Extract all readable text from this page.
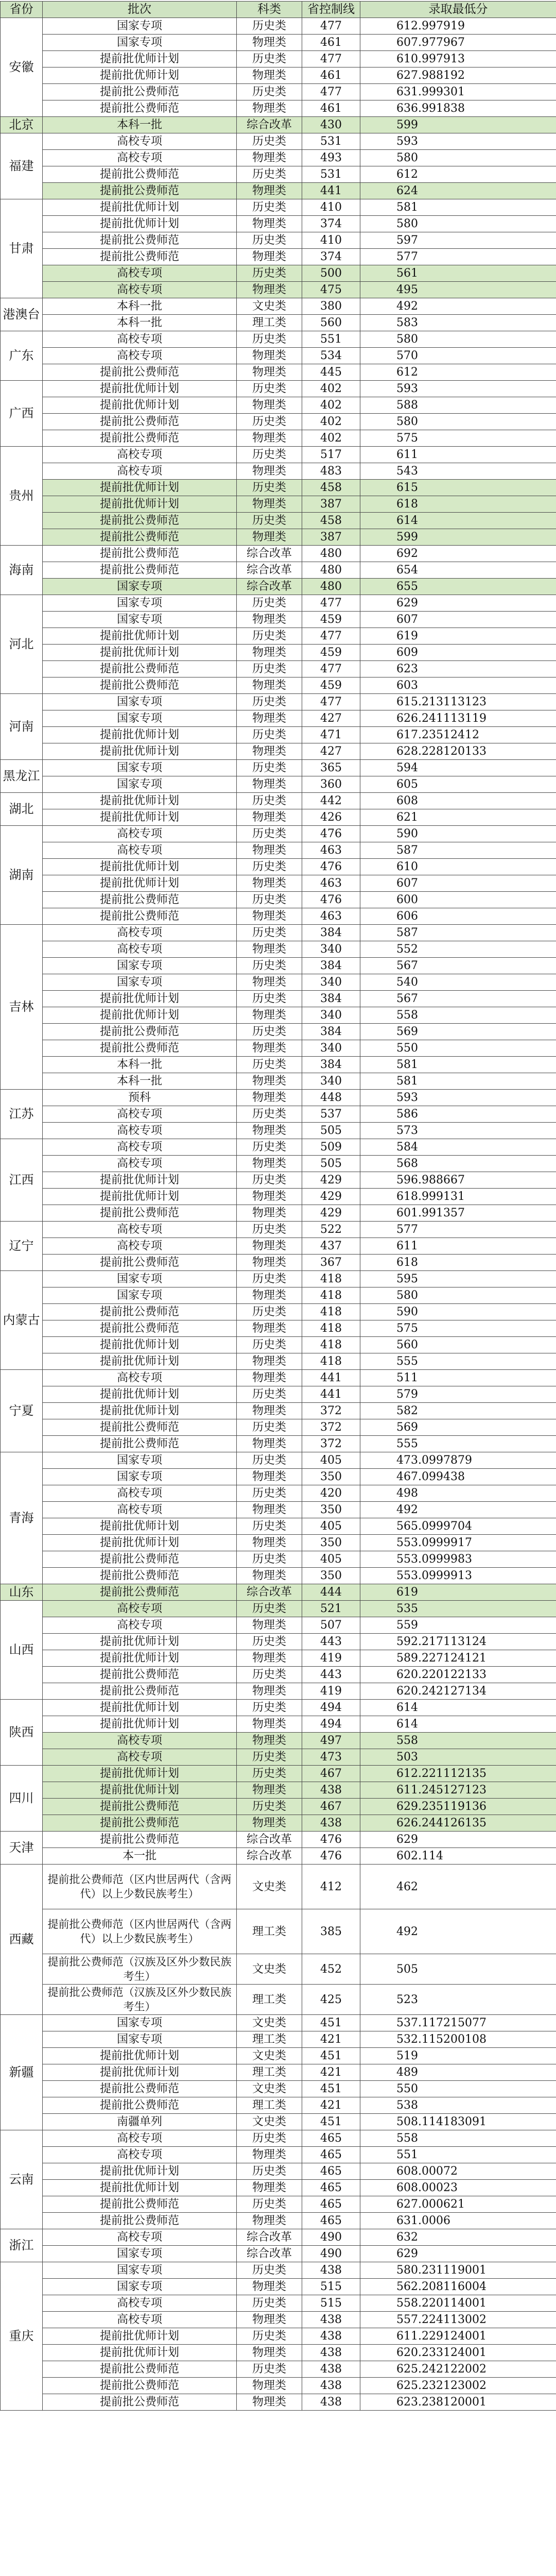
省份	批次	科类	省控制线	录取最低分
安徽	国家专项	历史类	477	612.997919
	国家专项	物理类	461	607.977967
	提前批优师计划	历史类	477	610.997913
	提前批优师计划	物理类	461	627.988192
	提前批公费师范	历史类	477	631.999301
	提前批公费师范	物理类	461	636.991838
北京	本科一批	综合改革	430	599
福建	高校专项	历史类	531	593
	高校专项	物理类	493	580
	提前批公费师范	历史类	531	612
	提前批公费师范	物理类	441	624
甘肃	提前批优师计划	历史类	410	581
	提前批优师计划	物理类	374	580
	提前批公费师范	历史类	410	597
	提前批公费师范	物理类	374	577
	高校专项	历史类	500	561
	高校专项	物理类	475	495
港澳台	本科一批	文史类	380	492
	本科一批	理工类	560	583
广东	高校专项	历史类	551	580
	高校专项	物理类	534	570
	提前批公费师范	物理类	445	612
广西	提前批优师计划	历史类	402	593
	提前批优师计划	物理类	402	588
	提前批公费师范	历史类	402	580
	提前批公费师范	物理类	402	575
贵州	高校专项	历史类	517	611
	高校专项	物理类	483	543
	提前批优师计划	历史类	458	615
	提前批优师计划	物理类	387	618
	提前批公费师范	历史类	458	614
	提前批公费师范	物理类	387	599
海南	提前批公费师范	综合改革	480	692
	提前批公费师范	综合改革	480	654
	国家专项	综合改革	480	655
河北	国家专项	历史类	477	629
	国家专项	物理类	459	607
	提前批优师计划	历史类	477	619
	提前批优师计划	物理类	459	609
	提前批公费师范	历史类	477	623
	提前批公费师范	物理类	459	603
河南	国家专项	历史类	477	615.213113123
	国家专项	物理类	427	626.241113119
	提前批优师计划	历史类	471	617.23512412
	提前批优师计划	物理类	427	628.228120133
黑龙江	国家专项	历史类	365	594
	国家专项	物理类	360	605
湖北	提前批优师计划	历史类	442	608
	提前批优师计划	物理类	426	621
湖南	高校专项	历史类	476	590
	高校专项	物理类	463	587
	提前批优师计划	历史类	476	610
	提前批优师计划	物理类	463	607
	提前批公费师范	历史类	476	600
	提前批公费师范	物理类	463	606
吉林	高校专项	历史类	384	587
	高校专项	物理类	340	552
	国家专项	历史类	384	567
	国家专项	物理类	340	540
	提前批优师计划	历史类	384	567
	提前批优师计划	物理类	340	558
	提前批公费师范	历史类	384	569
	提前批公费师范	物理类	340	550
	本科一批	历史类	384	581
	本科一批	物理类	340	581
江苏	预科	物理类	448	593
	高校专项	历史类	537	586
	高校专项	物理类	505	573
江西	高校专项	历史类	509	584
	高校专项	物理类	505	568
	提前批优师计划	历史类	429	596.988667
	提前批优师计划	物理类	429	618.999131
	提前批公费师范	物理类	429	601.991357
辽宁	高校专项	历史类	522	577
	高校专项	物理类	437	611
	提前批公费师范	物理类	367	618
内蒙古	国家专项	历史类	418	595
	国家专项	物理类	418	580
	提前批公费师范	历史类	418	590
	提前批公费师范	物理类	418	575
	提前批优师计划	历史类	418	560
	提前批优师计划	物理类	418	555
宁夏	高校专项	物理类	441	511
	提前批优师计划	历史类	441	579
	提前批优师计划	物理类	372	582
	提前批公费师范	历史类	372	569
	提前批公费师范	物理类	372	555
青海	国家专项	历史类	405	473.0997879
	国家专项	物理类	350	467.099438
	高校专项	历史类	420	498
	高校专项	物理类	350	492
	提前批优师计划	历史类	405	565.0999704
	提前批优师计划	物理类	350	553.0999917
	提前批公费师范	历史类	405	553.0999983
	提前批公费师范	物理类	350	553.0999913
山东	提前批公费师范	综合改革	444	619
山西	高校专项	历史类	521	535
	高校专项	物理类	507	559
	提前批优师计划	历史类	443	592.217113124
	提前批优师计划	物理类	419	589.227124121
	提前批公费师范	历史类	443	620.220122133
	提前批公费师范	物理类	419	620.242127134
陕西	提前批优师计划	历史类	494	614
	提前批优师计划	物理类	494	614
	高校专项	物理类	497	558
	高校专项	历史类	473	503
四川	提前批优师计划	历史类	467	612.221112135
	提前批优师计划	物理类	438	611.245127123
	提前批公费师范	历史类	467	629.235119136
	提前批公费师范	物理类	438	626.244126135
天津	提前批公费师范	综合改革	476	629
	本一批	综合改革	476	602.114
西藏	提前批公费师范（区内世居两代（含两代）以上少数民族考生）	文史类	412	462
	提前批公费师范（区内世居两代（含两代）以上少数民族考生）	理工类	385	492
	提前批公费师范（汉族及区外少数民族考生）	文史类	452	505
	提前批公费师范（汉族及区外少数民族考生）	理工类	425	523
新疆	国家专项	文史类	451	537.117215077
	国家专项	理工类	421	532.115200108
	提前批优师计划	文史类	451	519
	提前批优师计划	理工类	421	489
	提前批公费师范	文史类	451	550
	提前批公费师范	理工类	421	538
	南疆单列	文史类	451	508.114183091
云南	高校专项	历史类	465	558
	高校专项	物理类	465	551
	提前批优师计划	历史类	465	608.00072
	提前批优师计划	物理类	465	608.00023
	提前批公费师范	历史类	465	627.000621
	提前批公费师范	物理类	465	631.0006
浙江	高校专项	综合改革	490	632
	国家专项	综合改革	490	629
重庆	国家专项	历史类	438	580.231119001
	国家专项	物理类	515	562.208116004
	高校专项	历史类	515	558.220114001
	高校专项	物理类	438	557.224113002
	提前批优师计划	历史类	438	611.229124001
	提前批优师计划	物理类	438	620.233124001
	提前批公费师范	历史类	438	625.242122002
	提前批公费师范	物理类	438	625.232123002
	提前批公费师范	物理类	438	623.238120001
